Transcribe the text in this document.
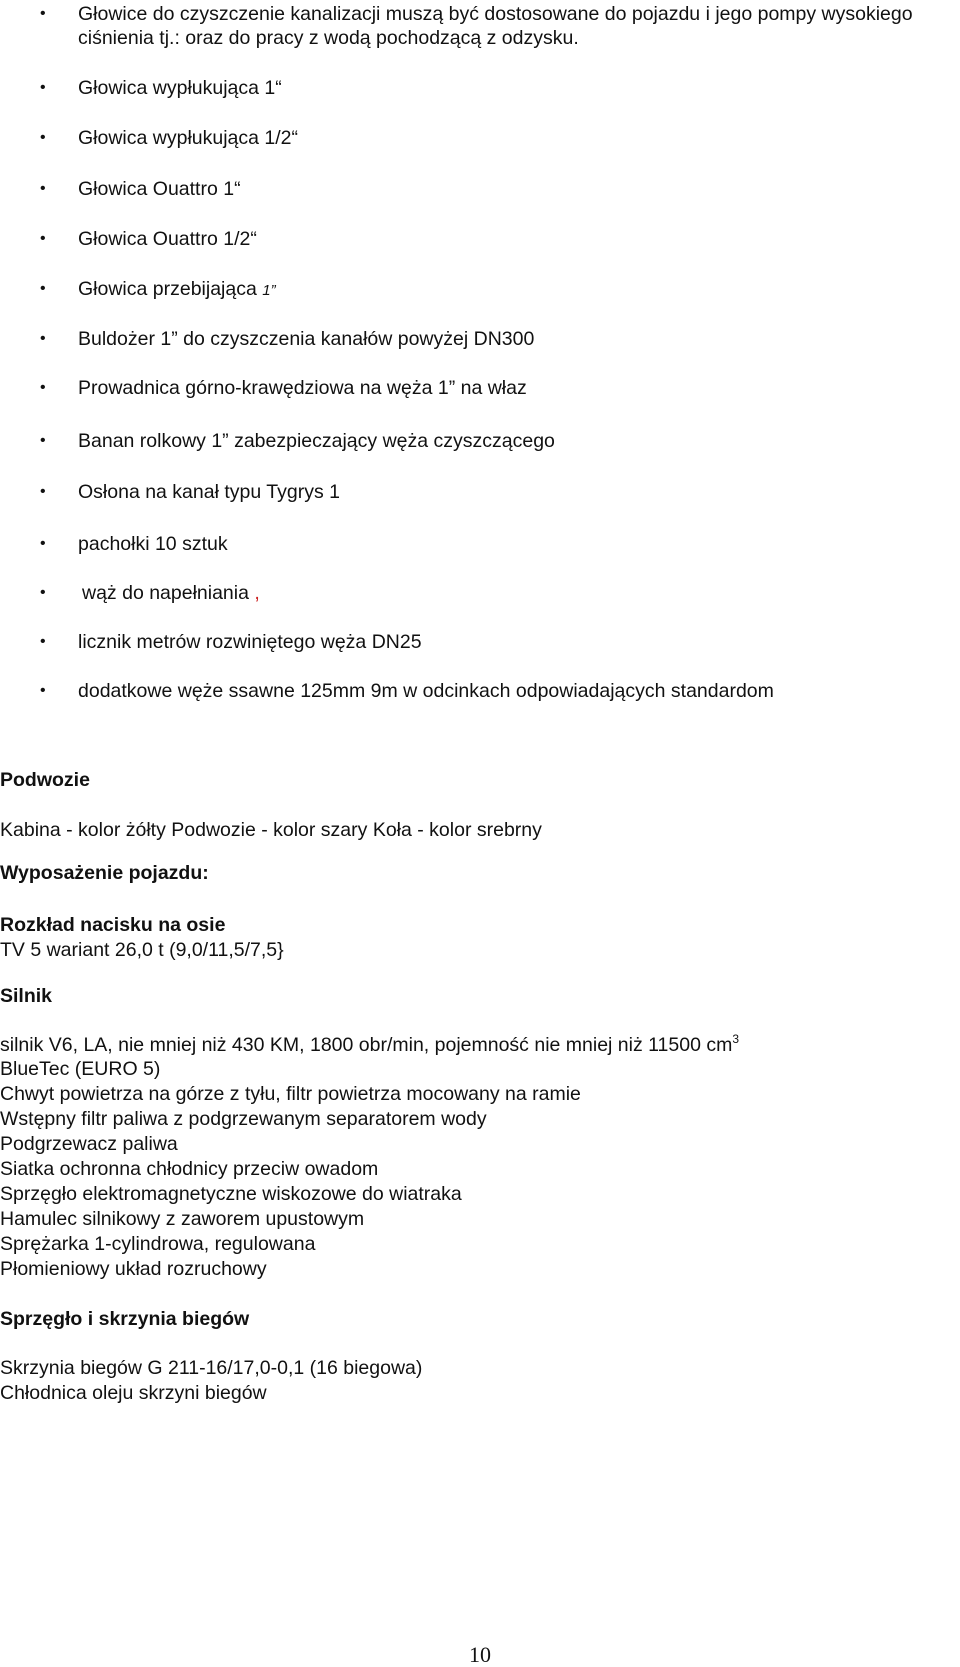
• Głowice do czyszczenie kanalizacji muszą być dostosowane do pojazdu i jego pompy wysokiego ciśnienia tj.: oraz do pracy z wodą pochodzącą z odzysku.
• Głowica wypłukująca 1“
• Głowica wypłukująca 1/2“
• Głowica Ouattro 1“
• Głowica Ouattro 1/2“
• Głowica przebijająca 1”
• Buldożer 1” do czyszczenia kanałów powyżej DN300
• Prowadnica górno-krawędziowa na węża 1” na właz
• Banan rolkowy 1” zabezpieczający węża czyszczącego
• Osłona na kanał typu Tygrys 1
• pachołki 10 sztuk
• wąż do napełniania ,
• licznik metrów rozwiniętego węża DN25
• dodatkowe węże ssawne 125mm 9m w odcinkach odpowiadających standardom
Podwozie
Kabina - kolor żółty Podwozie - kolor szary Koła - kolor srebrny
Wyposażenie pojazdu:
Rozkład nacisku na osie
TV 5 wariant 26,0 t (9,0/11,5/7,5}
Silnik
silnik V6, LA, nie mniej niż 430 KM, 1800 obr/min, pojemność nie mniej niż 11500 $cm^3$
BlueTec (EURO 5)
Chwyt powietrza na górze z tyłu, filtr powietrza mocowany na ramie
Wstępny filtr paliwa z podgrzewanym separatorem wody
Podgrzewacz paliwa
Siatka ochronna chłodnicy przeciw owadom
Sprzęgło elektromagnetyczne wiskozowe do wiatraka
Hamulec silnikowy z zaworem upustowym
Sprężarka 1-cylindrowa, regulowana
Płomieniowy układ rozruchowy
Sprzęgło i skrzynia biegów
Skrzynia biegów G 211-16/17,0-0,1 (16 biegowa)
Chłodnica oleju skrzyni biegów
10
